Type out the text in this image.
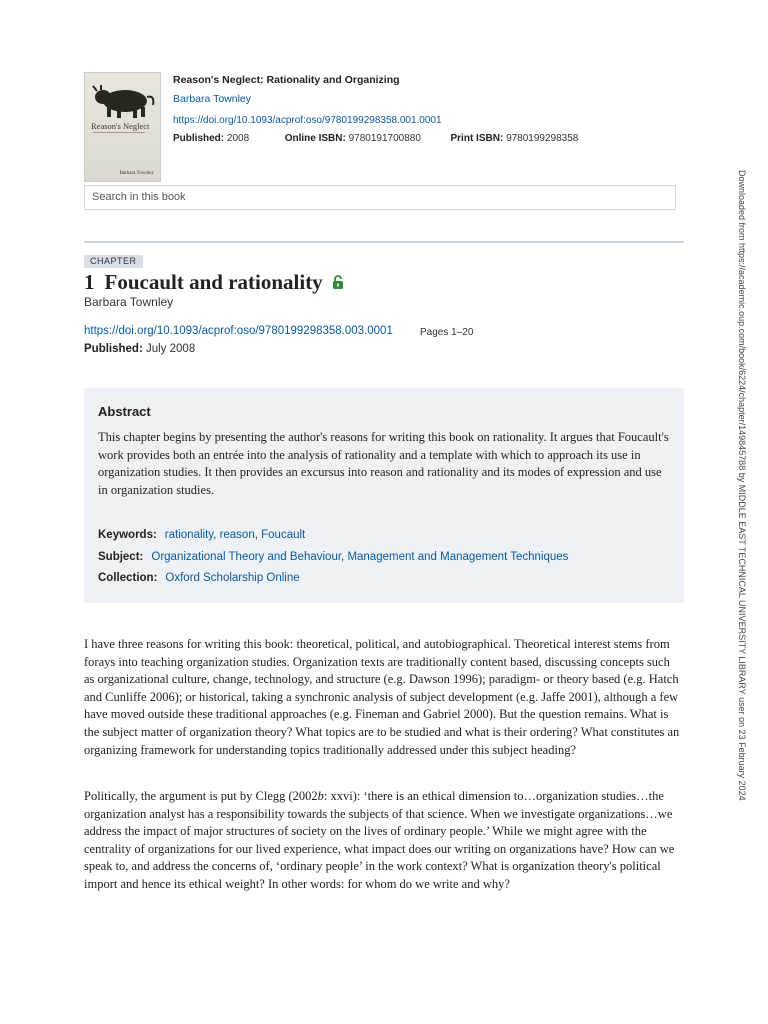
Reason's Neglect
Barbara Townley
Reason's Neglect: Rationality and Organizing
Barbara Townley
https://doi.org/10.1093/acprof:oso/9780199298358.001.0001
Published: 2008	Online ISBN: 9780191700880	Print ISBN: 9780199298358
Search in this book
CHAPTER
1 Foucault and rationality
Barbara Townley
https://doi.org/10.1093/acprof:oso/9780199298358.003.0001	Pages 1–20
Published: July 2008
Abstract

This chapter begins by presenting the author's reasons for writing this book on rationality. It argues that Foucault's work provides both an entrée into the analysis of rationality and a template with which to approach its use in organization studies. It then provides an excursus into reason and rationality and its modes of expression and use in organization studies.

Keywords: rationality, reason, Foucault
Subject: Organizational Theory and Behaviour, Management and Management Techniques
Collection: Oxford Scholarship Online

I have three reasons for writing this book: theoretical, political, and autobiographical. Theoretical interest stems from forays into teaching organization studies. Organization texts are traditionally content based, discussing concepts such as organizational culture, change, technology, and structure (e.g. Dawson 1996); paradigm- or theory based (e.g. Hatch and Cunliffe 2006); or historical, taking a synchronic analysis of subject development (e.g. Jaffe 2001), although a few have moved outside these traditional approaches (e.g. Fineman and Gabriel 2000). But the question remains. What is the subject matter of organization theory? What topics are to be studied and what is their ordering? What constitutes an organizing framework for understanding topics traditionally addressed under this subject heading?

Politically, the argument is put by Clegg (2002b: xxvi): ‘there is an ethical dimension to…organization studies…the organization analyst has a responsibility towards the subjects of that science. When we investigate organizations…we address the impact of major structures of society on the lives of ordinary people.’ While we might agree with the centrality of organizations for our lived experience, what impact does our writing on organizations have? How can we speak to, and address the concerns of, ‘ordinary people’ in the work context? What is organization theory's political import and hence its ethical weight? In other words: for whom do we write and why?

Downloaded from https://academic.oup.com/book/6224/chapter/149845788 by MIDDLE EAST TECHNICAL UNIVERSITY LIBRARY user on 23 February 2024
